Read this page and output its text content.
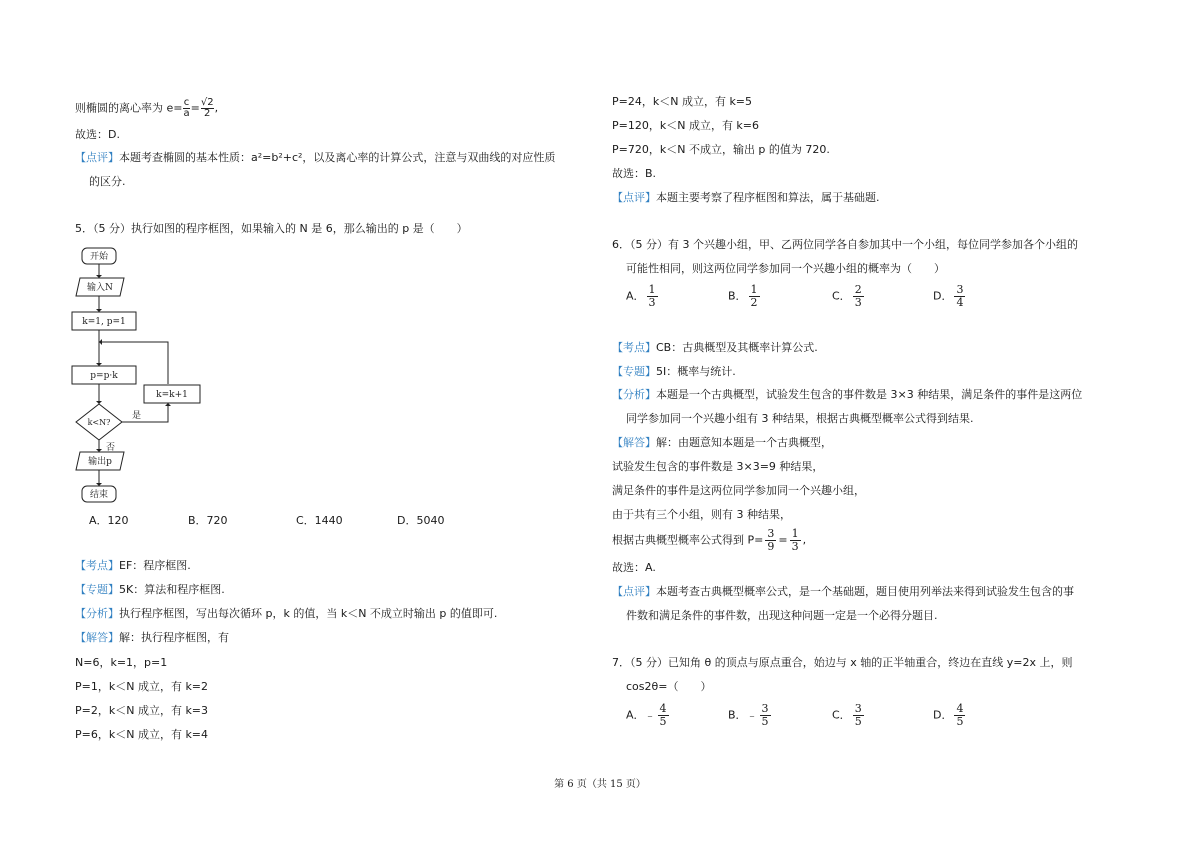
则椭圆的离心率为 $e= \frac{c}{a} = \frac{√2}{2}$ ,
故选：D.
【点评】本题考查椭圆的基本性质：a²=b²+c²，以及离心率的计算公式，注意与双曲线的对应性质
的区分.
5．（5 分）执行如图的程序框图，如果输入的 N 是 6，那么输出的 p 是（　　）
开始
输入N
k=1, p=1
p=p·k
k=k+1
k<N?
是
否
输出p
结束
A．120	B．720	C．1440	D．5040
【考点】EF：程序框图.
【专题】5K：算法和程序框图.
【分析】执行程序框图，写出每次循环 p，k 的值，当 k＜N 不成立时输出 p 的值即可.
【解答】解：执行程序框图，有
N=6，k=1，p=1
P=1，k＜N 成立，有 k=2
P=2，k＜N 成立，有 k=3
P=6，k＜N 成立，有 k=4
P=24，k＜N 成立，有 k=5
P=120，k＜N 成立，有 k=6
P=720，k＜N 不成立，输出 p 的值为 720.
故选：B.
【点评】本题主要考察了程序框图和算法，属于基础题.
6．（5 分）有 3 个兴趣小组，甲、乙两位同学各自参加其中一个小组，每位同学参加各个小组的
可能性相同，则这两位同学参加同一个兴趣小组的概率为（　　）
A． $\frac{1}{3}$	B． $\frac{1}{2}$	C． $\frac{2}{3}$	D． $\frac{3}{4}$
【考点】CB：古典概型及其概率计算公式.
【专题】5I：概率与统计.
【分析】本题是一个古典概型，试验发生包含的事件数是 3×3 种结果，满足条件的事件是这两位
同学参加同一个兴趣小组有 3 种结果，根据古典概型概率公式得到结果.
【解答】解：由题意知本题是一个古典概型，
试验发生包含的事件数是 3×3=9 种结果，
满足条件的事件是这两位同学参加同一个兴趣小组，
由于共有三个小组，则有 3 种结果，
根据古典概型概率公式得到 $P= \frac{3}{9} = \frac{1}{3}$ ,
故选：A.
【点评】本题考查古典概型概率公式，是一个基础题，题目使用列举法来得到试验发生包含的事
件数和满足条件的事件数，出现这种问题一定是一个必得分题目.
7．（5 分）已知角 θ 的顶点与原点重合，始边与 x 轴的正半轴重合，终边在直线 y=2x 上，则
cos2θ=（　　）
A．﹣ $\frac{4}{5}$	B．﹣ $\frac{3}{5}$	C． $\frac{3}{5}$	D． $\frac{4}{5}$
第 6 页（共 15 页）
